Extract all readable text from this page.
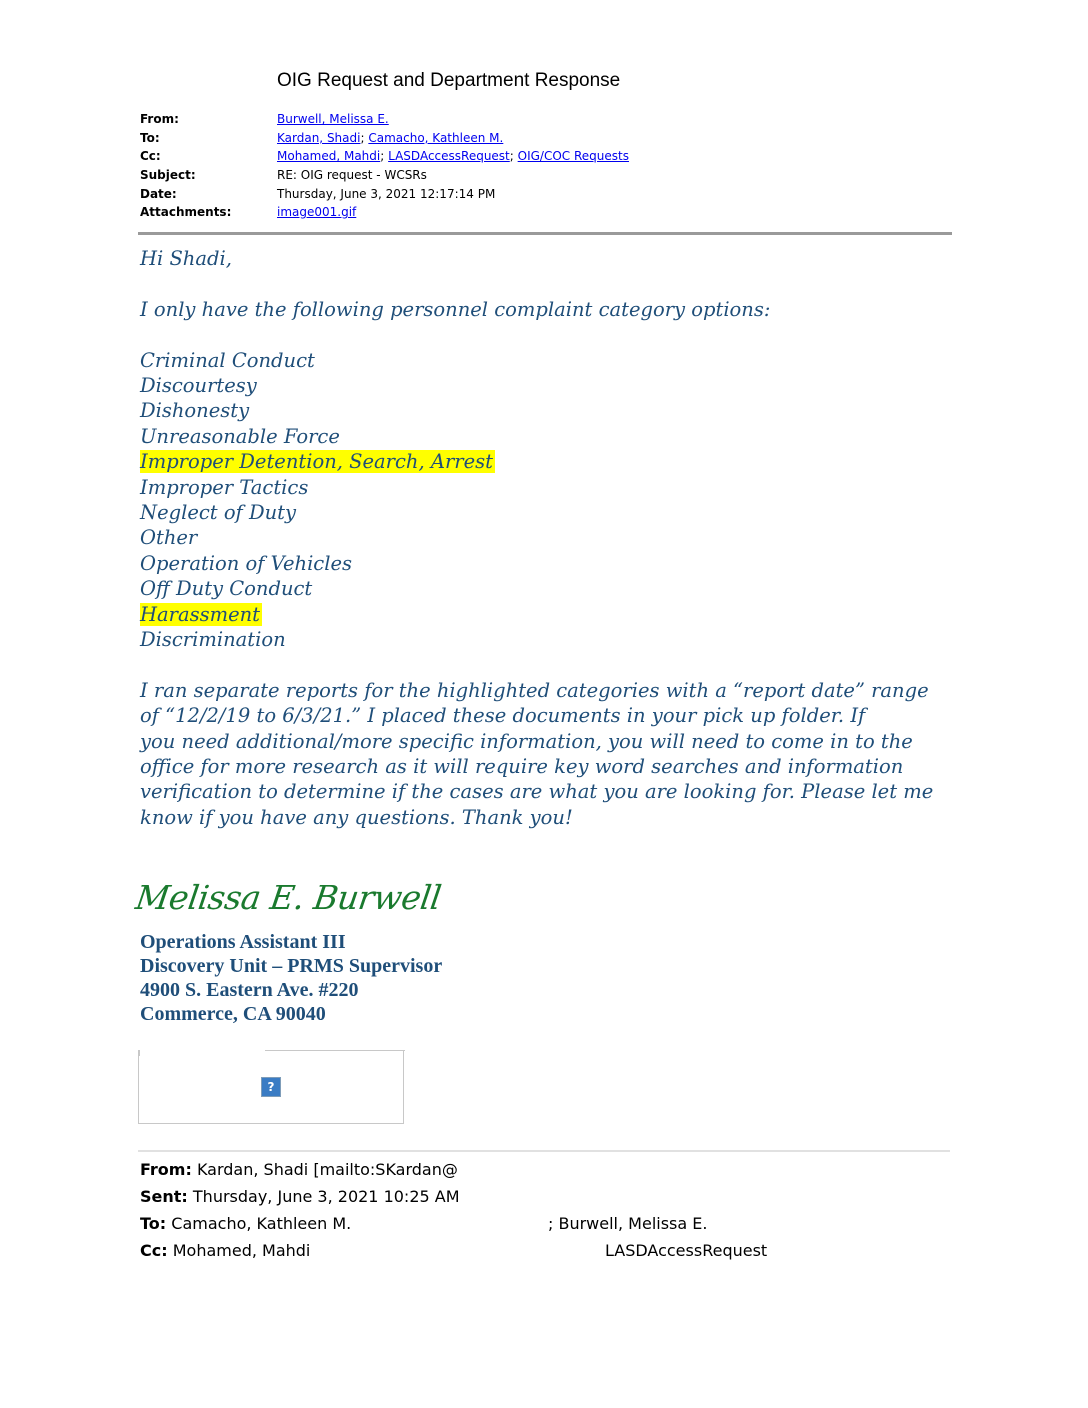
OIG Request and Department Response
From:	Burwell, Melissa E.
To:	Kardan, Shadi; Camacho, Kathleen M.
Cc:	Mohamed, Mahdi; LASDAccessRequest; OIG/COC Requests
Subject:	RE: OIG request - WCSRs
Date:	Thursday, June 3, 2021 12:17:14 PM
Attachments:	image001.gif

Hi Shadi,

I only have the following personnel complaint category options:

Criminal Conduct
Discourtesy
Dishonesty
Unreasonable Force
Improper Detention, Search, Arrest
Improper Tactics
Neglect of Duty
Other
Operation of Vehicles
Off Duty Conduct
Harassment
Discrimination
I ran separate reports for the highlighted categories with a “report date” range
of “12/2/19 to 6/3/21.” I placed these documents in your pick up folder. If
you need additional/more specific information, you will need to come in to the
office for more research as it will require key word searches and information
verification to determine if the cases are what you are looking for. Please let me
know if you have any questions. Thank you!
Melissa E. Burwell
Operations Assistant III
Discovery Unit – PRMS Supervisor
4900 S. Eastern Ave. #220
Commerce, CA 90040
?
From: Kardan, Shadi [mailto:SKardan@
Sent: Thursday, June 3, 2021 10:25 AM
To: Camacho, Kathleen M.	; Burwell, Melissa E.
Cc: Mohamed, Mahdi	LASDAccessRequest
